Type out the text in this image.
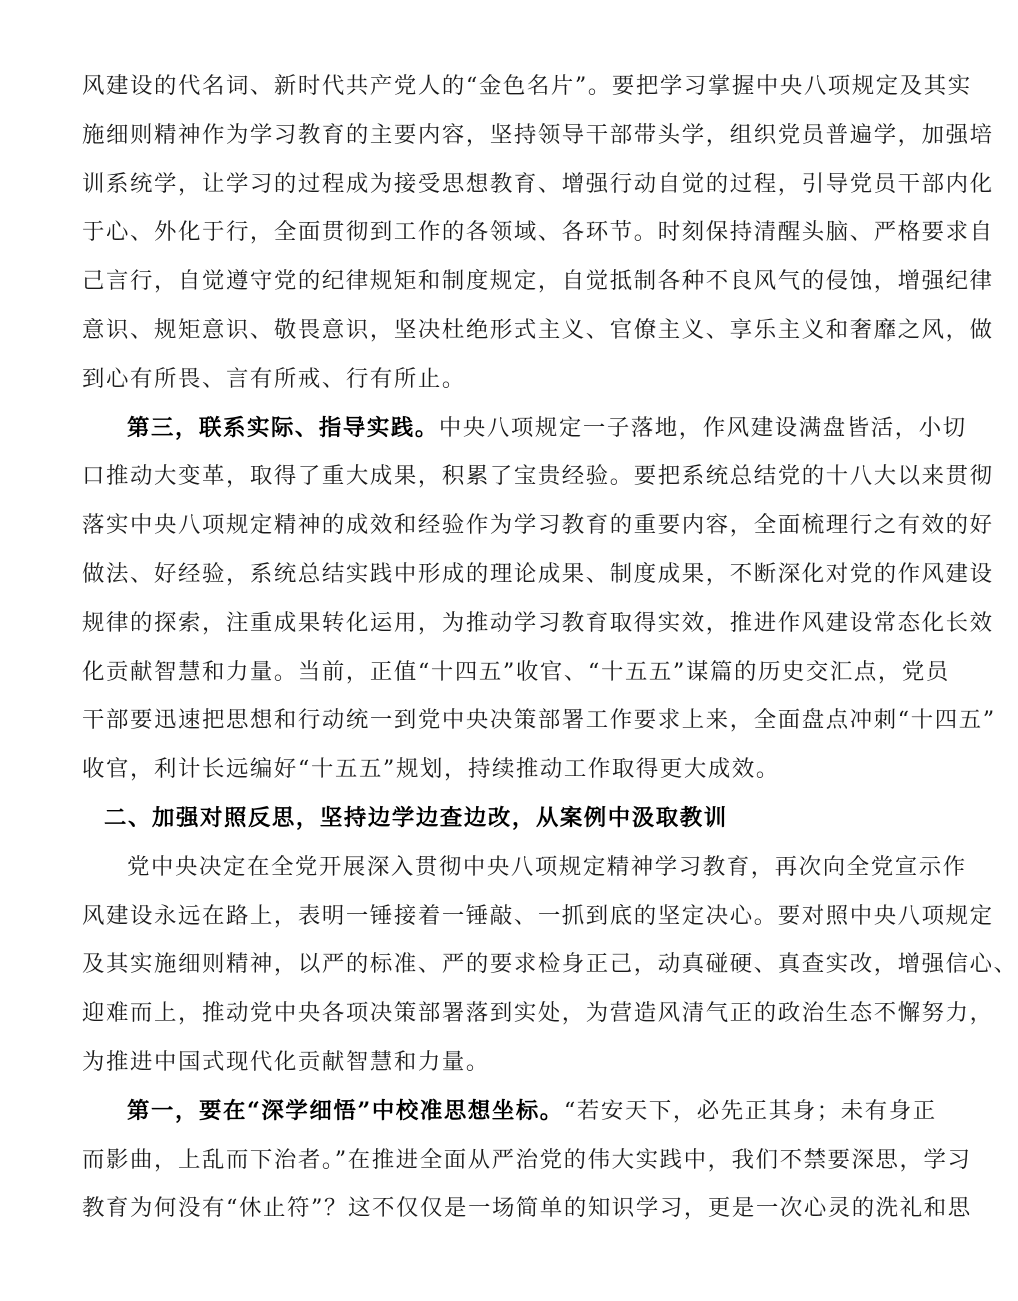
风建设的代名词、新时代共产党人的“金色名片”。要把学习掌握中央八项规定及其实
施细则精神作为学习教育的主要内容，坚持领导干部带头学，组织党员普遍学，加强培
训系统学，让学习的过程成为接受思想教育、增强行动自觉的过程，引导党员干部内化
于心、外化于行，全面贯彻到工作的各领域、各环节。时刻保持清醒头脑、严格要求自
己言行，自觉遵守党的纪律规矩和制度规定，自觉抵制各种不良风气的侵蚀，增强纪律
意识、规矩意识、敬畏意识，坚决杜绝形式主义、官僚主义、享乐主义和奢靡之风，做
到心有所畏、言有所戒、行有所止。
第三，联系实际、指导实践。中央八项规定一子落地，作风建设满盘皆活，小切
口推动大变革，取得了重大成果，积累了宝贵经验。要把系统总结党的十八大以来贯彻
落实中央八项规定精神的成效和经验作为学习教育的重要内容，全面梳理行之有效的好
做法、好经验，系统总结实践中形成的理论成果、制度成果，不断深化对党的作风建设
规律的探索，注重成果转化运用，为推动学习教育取得实效，推进作风建设常态化长效
化贡献智慧和力量。当前，正值“十四五”收官、“十五五”谋篇的历史交汇点，党员
干部要迅速把思想和行动统一到党中央决策部署工作要求上来，全面盘点冲刺“十四五”
收官，利计长远编好“十五五”规划，持续推动工作取得更大成效。
二、加强对照反思，坚持边学边查边改，从案例中汲取教训
党中央决定在全党开展深入贯彻中央八项规定精神学习教育，再次向全党宣示作
风建设永远在路上，表明一锤接着一锤敲、一抓到底的坚定决心。要对照中央八项规定
及其实施细则精神，以严的标准、严的要求检身正己，动真碰硬、真查实改，增强信心、
迎难而上，推动党中央各项决策部署落到实处，为营造风清气正的政治生态不懈努力，
为推进中国式现代化贡献智慧和力量。
第一，要在“深学细悟”中校准思想坐标。“若安天下，必先正其身；未有身正
而影曲，上乱而下治者。”在推进全面从严治党的伟大实践中，我们不禁要深思，学习
教育为何没有“休止符”？这不仅仅是一场简单的知识学习，更是一次心灵的洗礼和思
